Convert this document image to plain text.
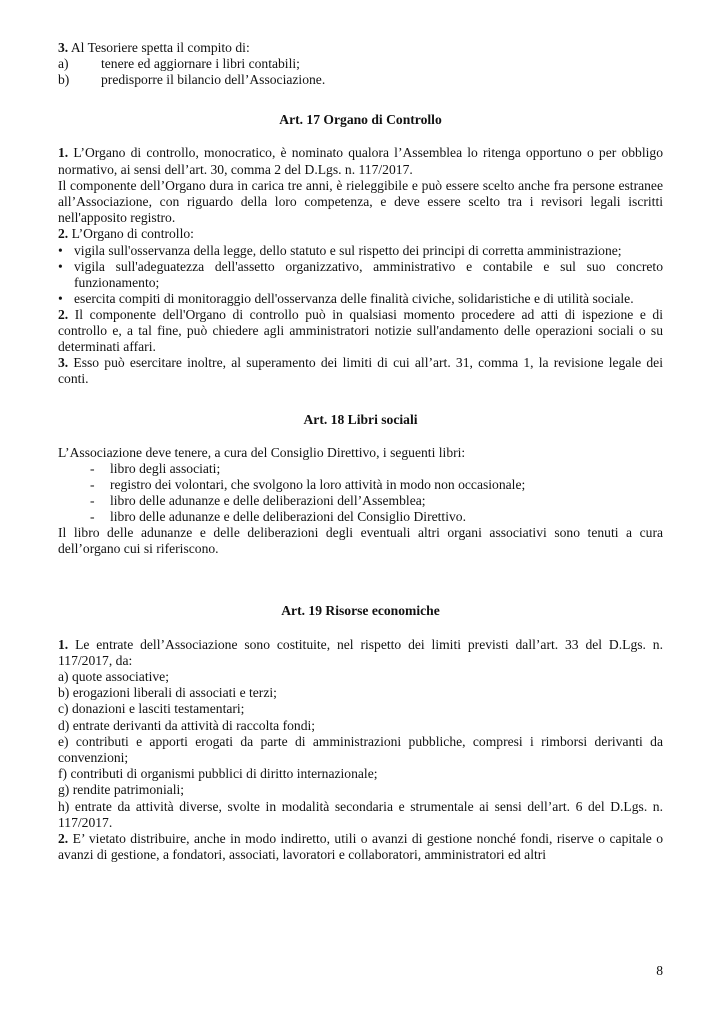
3. Al Tesoriere spetta il compito di:

a)	tenere ed aggiornare i libri contabili;
b)	predisporre il bilancio dell’Associazione.

Art. 17 Organo di Controllo

1. L’Organo di controllo, monocratico, è nominato qualora l’Assemblea lo ritenga opportuno o per obbligo normativo, ai sensi dell’art. 30, comma 2 del D.Lgs. n. 117/2017.

Il componente dell’Organo dura in carica tre anni, è rieleggibile e può essere scelto anche fra persone estranee all’Associazione, con riguardo della loro competenza, e deve essere scelto tra i revisori legali iscritti nell'apposito registro.

2. L’Organo di controllo:

• vigila sull'osservanza della legge, dello statuto e sul rispetto dei principi di corretta amministrazione;
• vigila sull'adeguatezza dell'assetto organizzativo, amministrativo e contabile e sul suo concreto funzionamento;
• esercita compiti di monitoraggio dell'osservanza delle finalità civiche, solidaristiche e di utilità sociale.

2. Il componente dell'Organo di controllo può in qualsiasi momento procedere ad atti di ispezione e di controllo e, a tal fine, può chiedere agli amministratori notizie sull'andamento delle operazioni sociali o su determinati affari.

3. Esso può esercitare inoltre, al superamento dei limiti di cui all’art. 31, comma 1, la revisione legale dei conti.

Art. 18 Libri sociali

L’Associazione deve tenere, a cura del Consiglio Direttivo, i seguenti libri:

-	libro degli associati;
-	registro dei volontari, che svolgono la loro attività in modo non occasionale;
-	libro delle adunanze e delle deliberazioni dell’Assemblea;
-	libro delle adunanze e delle deliberazioni del Consiglio Direttivo.

Il libro delle adunanze e delle deliberazioni degli eventuali altri organi associativi sono tenuti a cura dell’organo cui si riferiscono.

Art. 19 Risorse economiche

1. Le entrate dell’Associazione sono costituite, nel rispetto dei limiti previsti dall’art. 33 del D.Lgs. n. 117/2017, da:

a) quote associative;

b) erogazioni liberali di associati e terzi;

c) donazioni e lasciti testamentari;

d) entrate derivanti da attività di raccolta fondi;

e) contributi e apporti erogati da parte di amministrazioni pubbliche, compresi i rimborsi derivanti da convenzioni;

f) contributi di organismi pubblici di diritto internazionale;

g) rendite patrimoniali;

h) entrate da attività diverse, svolte in modalità secondaria e strumentale ai sensi dell’art. 6 del D.Lgs. n. 117/2017.

2. E’ vietato distribuire, anche in modo indiretto, utili o avanzi di gestione nonché fondi, riserve o capitale o avanzi di gestione, a fondatori, associati, lavoratori e collaboratori, amministratori ed altri

8
